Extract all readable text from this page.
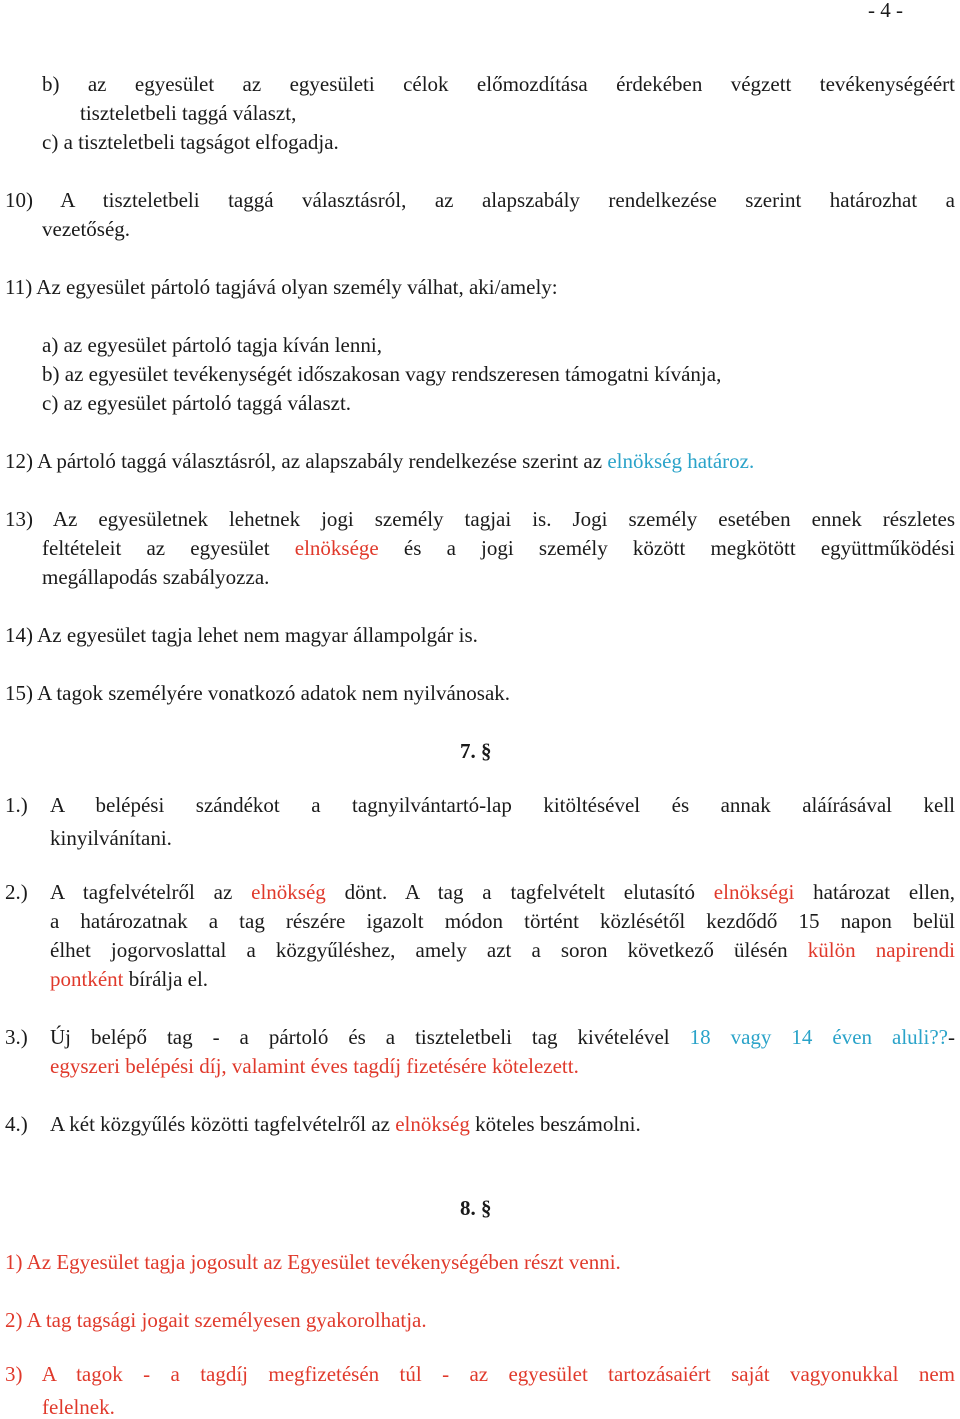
- 4 -
b) az egyesület az egyesületi célok előmozdítása érdekében végzett tevékenységéért
tiszteletbeli taggá választ,
c) a tiszteletbeli tagságot elfogadja.
10) A tiszteletbeli taggá választásról, az alapszabály rendelkezése szerint határozhat a
vezetőség.
11) Az egyesület pártoló tagjává olyan személy válhat, aki/amely:
a) az egyesület pártoló tagja kíván lenni,
b) az egyesület tevékenységét időszakosan vagy rendszeresen támogatni kívánja,
c) az egyesület pártoló taggá választ.
12) A pártoló taggá választásról, az alapszabály rendelkezése szerint az elnökség határoz.
13) Az egyesületnek lehetnek jogi személy tagjai is. Jogi személy esetében ennek részletes
feltételeit az egyesület elnöksége és a jogi személy között megkötött együttműködési
megállapodás szabályozza.
14) Az egyesület tagja lehet nem magyar állampolgár is.
15) A tagok személyére vonatkozó adatok nem nyilvánosak.
7. §
1.) A belépési szándékot a tagnyilvántartó-lap kitöltésével és annak aláírásával kell
kinyilvánítani.
2.) A tagfelvételről az elnökség dönt. A tag a tagfelvételt elutasító elnökségi határozat ellen,
a határozatnak a tag részére igazolt módon történt közlésétől kezdődő 15 napon belül
élhet jogorvoslattal a közgyűléshez, amely azt a soron következő ülésén külön napirendi
pontként bírálja el.
3.) Új belépő tag - a pártoló és a tiszteletbeli tag kivételével 18 vagy 14 éven aluli??-
egyszeri belépési díj, valamint éves tagdíj fizetésére kötelezett.
4.) A két közgyűlés közötti tagfelvételről az elnökség köteles beszámolni.
8. §
1) Az Egyesület tagja jogosult az Egyesület tevékenységében részt venni.
2) A tag tagsági jogait személyesen gyakorolhatja.
3) A tagok - a tagdíj megfizetésén túl - az egyesület tartozásaiért saját vagyonukkal nem
felelnek.
